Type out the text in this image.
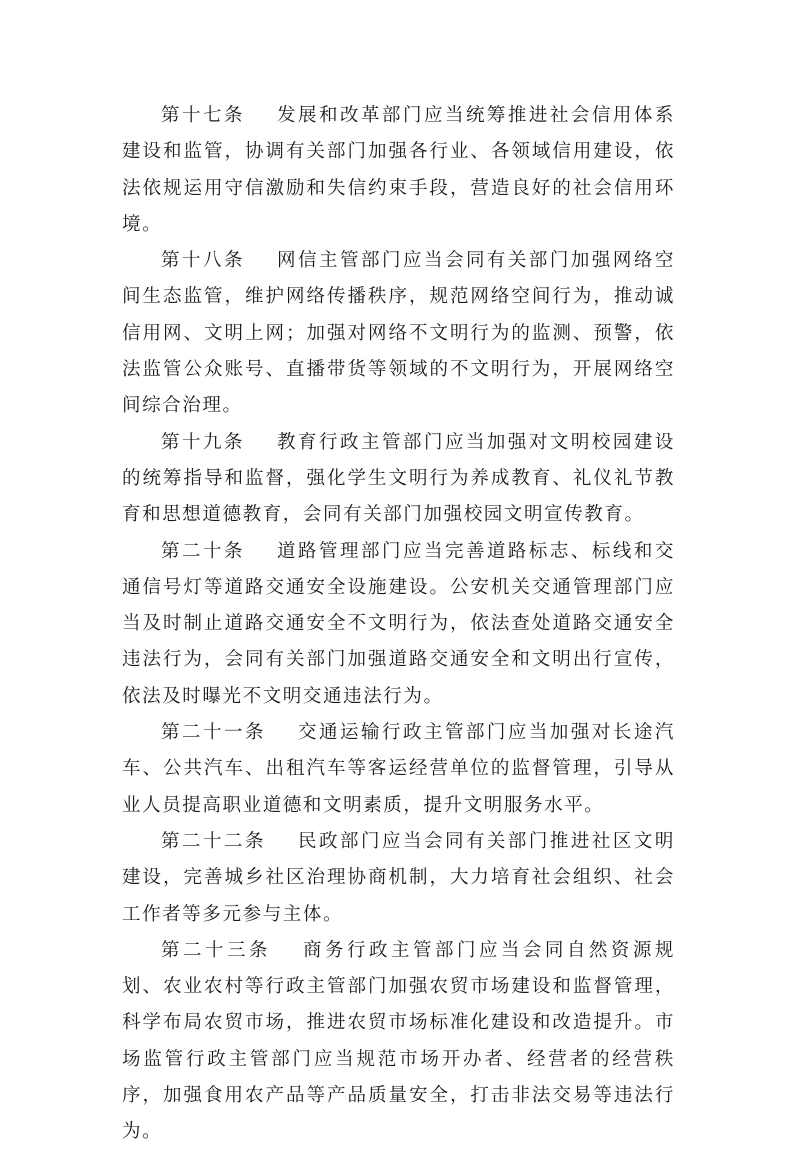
第十七条 发展和改革部门应当统筹推进社会信用体系建设和监管，协调有关部门加强各行业、各领域信用建设，依法依规运用守信激励和失信约束手段，营造良好的社会信用环境。

第十八条 网信主管部门应当会同有关部门加强网络空间生态监管，维护网络传播秩序，规范网络空间行为，推动诚信用网、文明上网；加强对网络不文明行为的监测、预警，依法监管公众账号、直播带货等领域的不文明行为，开展网络空间综合治理。

第十九条 教育行政主管部门应当加强对文明校园建设的统筹指导和监督，强化学生文明行为养成教育、礼仪礼节教育和思想道德教育，会同有关部门加强校园文明宣传教育。

第二十条 道路管理部门应当完善道路标志、标线和交通信号灯等道路交通安全设施建设。公安机关交通管理部门应当及时制止道路交通安全不文明行为，依法查处道路交通安全违法行为，会同有关部门加强道路交通安全和文明出行宣传，依法及时曝光不文明交通违法行为。

第二十一条 交通运输行政主管部门应当加强对长途汽车、公共汽车、出租汽车等客运经营单位的监督管理，引导从业人员提高职业道德和文明素质，提升文明服务水平。

第二十二条 民政部门应当会同有关部门推进社区文明建设，完善城乡社区治理协商机制，大力培育社会组织、社会工作者等多元参与主体。

第二十三条 商务行政主管部门应当会同自然资源规划、农业农村等行政主管部门加强农贸市场建设和监督管理，科学布局农贸市场，推进农贸市场标准化建设和改造提升。市场监管行政主管部门应当规范市场开办者、经营者的经营秩序，加强食用农产品等产品质量安全，打击非法交易等违法行为。
